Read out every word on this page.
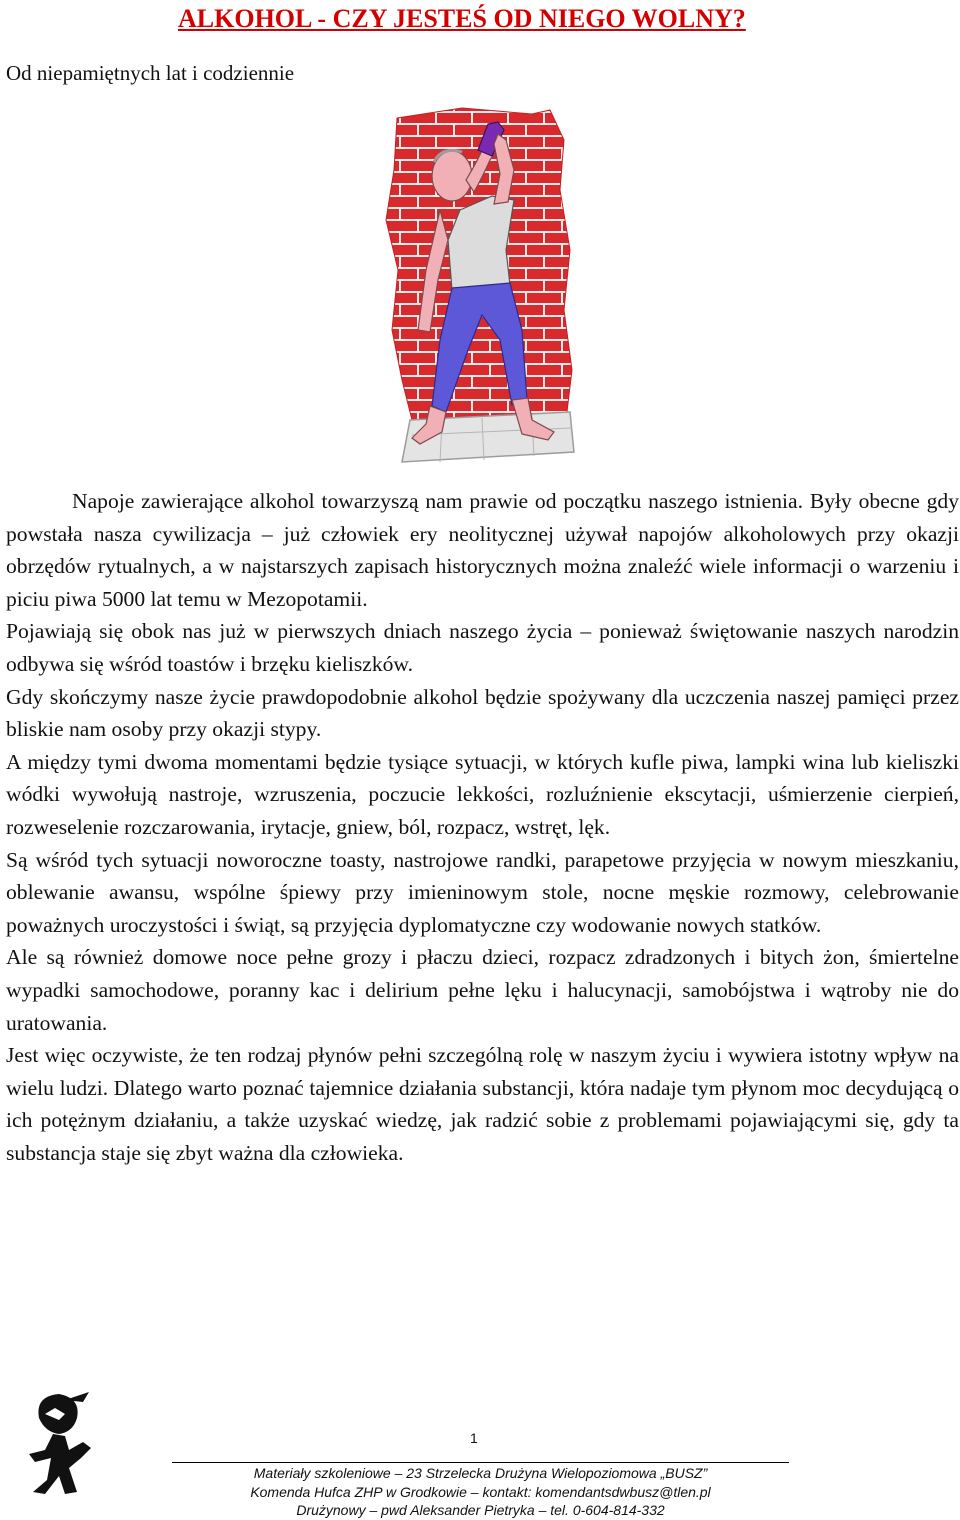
ALKOHOL - CZY JESTEŚ OD NIEGO WOLNY?
Od niepamiętnych lat i codziennie

Napoje zawierające alkohol towarzyszą nam prawie od początku naszego istnienia. Były obecne gdy powstała nasza cywilizacja – już człowiek ery neolitycznej używał napojów alkoholowych przy okazji obrzędów rytualnych, a w najstarszych zapisach historycznych można znaleźć wiele informacji o warzeniu i piciu piwa 5000 lat temu w Mezopotamii.

Pojawiają się obok nas już w pierwszych dniach naszego życia – ponieważ świętowanie naszych narodzin odbywa się wśród toastów i brzęku kieliszków.

Gdy skończymy nasze życie prawdopodobnie alkohol będzie spożywany dla uczczenia naszej pamięci przez bliskie nam osoby przy okazji stypy.

A między tymi dwoma momentami będzie tysiące sytuacji, w których kufle piwa, lampki wina lub kieliszki wódki wywołują nastroje, wzruszenia, poczucie lekkości, rozluźnienie ekscytacji, uśmierzenie cierpień, rozweselenie rozczarowania, irytacje, gniew, ból, rozpacz, wstręt, lęk.

Są wśród tych sytuacji noworoczne toasty, nastrojowe randki, parapetowe przyjęcia w nowym mieszkaniu, oblewanie awansu, wspólne śpiewy przy imieninowym stole, nocne męskie rozmowy, celebrowanie poważnych uroczystości i świąt, są przyjęcia dyplomatyczne czy wodowanie nowych statków.

Ale są również domowe noce pełne grozy i płaczu dzieci, rozpacz zdradzonych i bitych żon, śmiertelne wypadki samochodowe, poranny kac i delirium pełne lęku i halucynacji, samobójstwa i wątroby nie do uratowania.

Jest więc oczywiste, że ten rodzaj płynów pełni szczególną rolę w naszym życiu i wywiera istotny wpływ na wielu ludzi. Dlatego warto poznać tajemnice działania substancji, która nadaje tym płynom moc decydującą o ich potężnym działaniu, a także uzyskać wiedzę, jak radzić sobie z problemami pojawiającymi się, gdy ta substancja staje się zbyt ważna dla człowieka.

1
Materiały szkoleniowe – 23 Strzelecka Drużyna Wielopoziomowa „BUSZ”
Komenda Hufca ZHP w Grodkowie – kontakt: komendantsdwbusz@tlen.pl
Drużynowy – pwd Aleksander Pietryka – tel. 0-604-814-332
